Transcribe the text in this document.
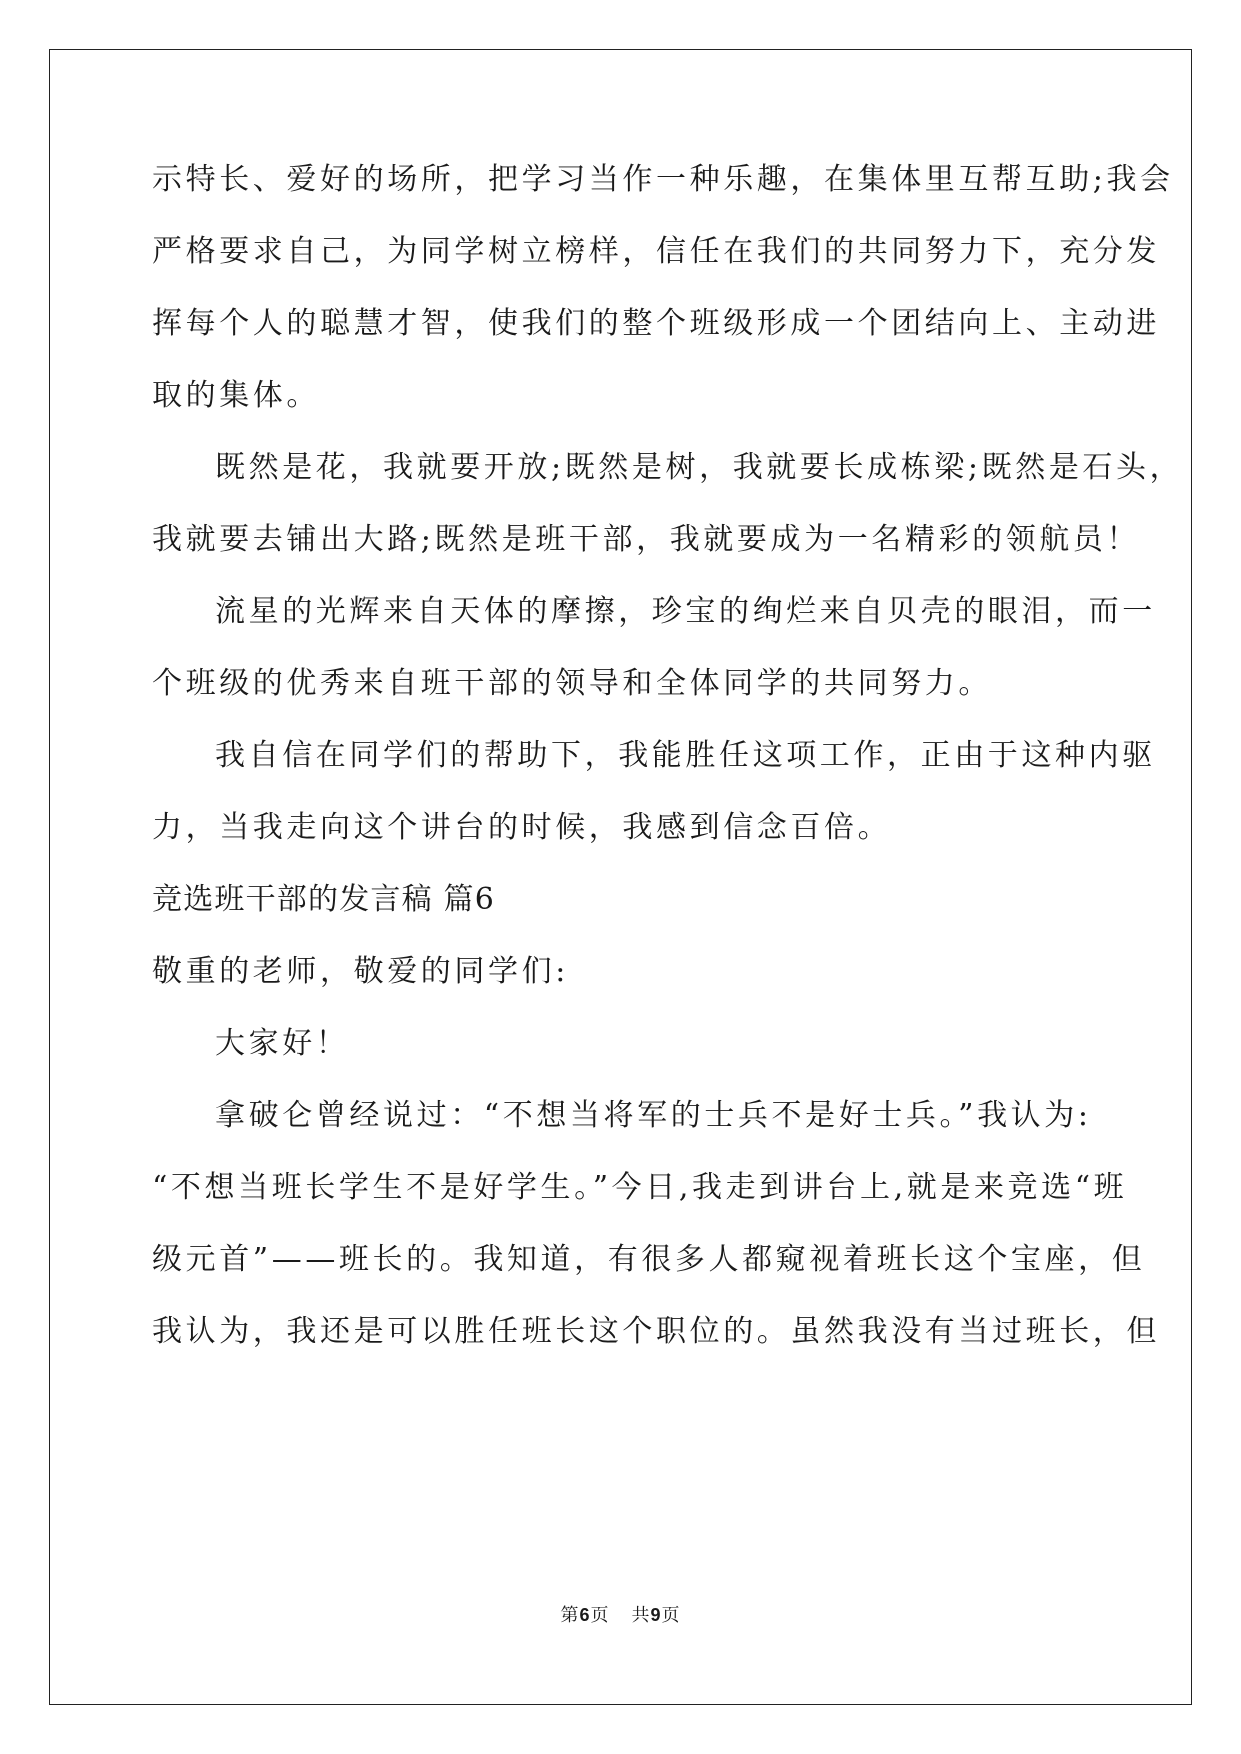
示特长、爱好的场所，把学习当作一种乐趣，在集体里互帮互助;我会
严格要求自己，为同学树立榜样，信任在我们的共同努力下，充分发
挥每个人的聪慧才智，使我们的整个班级形成一个团结向上、主动进
取的集体。
既然是花，我就要开放;既然是树，我就要长成栋梁;既然是石头，
我就要去铺出大路;既然是班干部，我就要成为一名精彩的领航员！
流星的光辉来自天体的摩擦，珍宝的绚烂来自贝壳的眼泪，而一
个班级的优秀来自班干部的领导和全体同学的共同努力。
我自信在同学们的帮助下，我能胜任这项工作，正由于这种内驱
力，当我走向这个讲台的时候，我感到信念百倍。
竞选班干部的发言稿 篇6
敬重的老师，敬爱的同学们:
大家好！
拿破仑曾经说过：“不想当将军的士兵不是好士兵。”我认为:
“不想当班长学生不是好学生。”今日,我走到讲台上,就是来竞选“班
级元首”——班长的。我知道，有很多人都窥视着班长这个宝座，但
我认为，我还是可以胜任班长这个职位的。虽然我没有当过班长，但
第6页 共9页
